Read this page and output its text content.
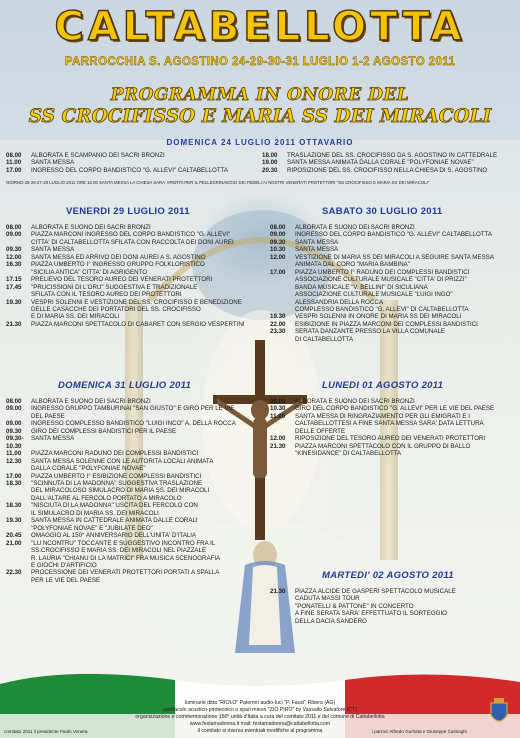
CALTABELLOTTA
PARROCCHIA S. AGOSTINO 24-29-30-31 LUGLIO 1-2 AGOSTO 2011
PROGRAMMA IN ONORE DEL
SS CROCIFISSO E MARIA SS DEI MIRACOLI
DOMENICA 24 LUGLIO 2011 OTTAVARIO
08.00	ALBORATA E SCAMPANIO DEI SACRI BRONZI
11.00	SANTA MESSA
17.00	INGRESSO DEL CORPO BANDISTICO "G. ALLEVI" CALTABELLOTTA
18.00	TRASLAZIONE DEL SS. CROCIFISSO DA S. AGOSTINO IN CATTEDRALE
19.00	SANTA MESSA ANIMATA DALLA CORALE "POLYFONIAE NOVAE"
20.30	RIPOSIZIONE DEL SS. CROCIFISSO NELLA CHIESA DI S. AGOSTINO
GIORNO 25-26-27-28 LUGLIO 2011 ORE 10.00 SANTA MESSA LA CHIESA SARA' APERTA PER IL PELLEGRINAGGIO DEI FEDELI AI NOSTRI VENERATI PROTETTORI "SS CROCIFISSO E MARIA SS DEI MIRACOLI"
VENERDI 29 LUGLIO 2011
08.00	ALBORATA E SUONO DEI SACRI BRONZI
09.00	PIAZZA MARCONI INGRESSO DEL CORPO BANDISTICO "G. ALLEVI"
CITTA' DI CALTABELLOTTA SFILATA CON RACCOLTA DEI DONI AUREI
09.30	SANTA MESSA
12.00	SANTA MESSA ED ARRIVO DEI DONI AUREI A S. AGOSTINO
16.30	PIAZZA UMBERTO I° INGRESSO GRUPPO FOLKLORISTICO
"SICILIA ANTICA" CITTA' DI AGRIGENTO
17.15	PRELIEVO DEL TESORO AUREO DEI VENERATI PROTETTORI
17.45	"PRUCISSIONI DI L'ORU" SUGGESTIVA E TRADIZIONALE
SFILATA CON IL TESORO AUREO DEI PROTETTORI
19.30	VESPRI SOLENNI E VESTIZIONE DEL SS. CROCIFISSO E BENEDIZIONE
DELLE CASACCHE DEI PORTATORI DEL SS. CROCIFISSO
E DI MARIA SS. DEI MIRACOLI
21.30	PIAZZA MARCONI SPETTACOLO DI CABARET CON SERGIO VESPERTINI
SABATO 30 LUGLIO 2011
08.00	ALBORATA E SUONO DEI SACRI BRONZI
09.00	INGRESSO DEL CORPO BANDISTICO "G. ALLEVI" CALTABELLOTTA
09.30	SANTA MESSA
10.30	SANTA MESSA
12.00	VESTIZIONE DI MARIA SS DEI MIRACOLI A SEGUIRE SANTA MESSA
ANIMATA DAL CORO "MARIA BAMBINA"
17.00	PIAZZA UMBERTO I° RADUNO DEI COMPLESSI BANDISTICI
ASSOCIAZIONE CULTURALE MUSICALE "CITTA' DI PRIZZI"
BANDA MUSICALE "V. BELLINI" DI SICULIANA
ASSOCIAZIONE CULTURALE MUSICALE "LUIGI INGO"
ALESSANDRIA DELLA ROCCA
COMPLESSO BANDISTICO "G. ALLEVI" DI CALTABELLOTTA
19.30	VESPRI SOLENNI IN ONORE DI MARIA SS DEI MIRACOLI
22.00	ESIBIZIONE IN PIAZZA MARCONI DEI COMPLESSI BANDISTICI
23.30	SERATA DANZANTE PRESSO LA VILLA COMUNALE
DI CALTABELLOTTA
DOMENICA 31 LUGLIO 2011
08.00	ALBORATA E SUONO DEI SACRI BRONZI
09.00	INGRESSO GRUPPO TAMBURINAI "SAN GIUSTO" E GIRO PER LE VIE
DEL PAESE
09.00	INGRESSO COMPLESSO BANDISTICO "LUIGI INCO" A. DELLA ROCCA
09.30	GIRO DEI COMPLESSI BANDISTICI PER IL PAESE
09.30-10.30
SANTA MESSA
11.00	PIAZZA MARCONI RADUNO DEI COMPLESSI BANDISTICI
12.30	SANTA MESSA SOLENNE CON LE AUTORITA LOCALI ANIMATA
DALLA CORALE "POLYFONIAE NOVAE"
17.00	PIAZZA UMBERTO I° ESIBIZIONE COMPLESSI BANDISTICI
18.30	"SCINNUTA DI LA MADONNA" SUGGESTIVA TRASLAZIONE
DEL MIRACOLOSO SIMULACRO DI MARIA SS. DEI MIRACOLI
DALL'ALTARE AL FERCOLO PORTATO A MIRACOLO
18.30	"NISCIUTA DI LA MADONNA" USCITA DEL FERCOLO CON
IL SIMULACRO DI MARIA SS. DEI MIRACOLI
19.30	SANTA MESSA IN CATTEDRALE ANIMATA DALLE CORALI
"POLYFONIAE NOVAE" E "JUBILATE DEO"
20.45	OMAGGIO AL 150° ANNIVERSARIO DELL'UNITA' D'ITALIA
21.00	"LU NCONTRU" TOCCANTE E SUGGESTIVO INCONTRO FRA IL
SS.CROCIFISSO E MARIA SS. DEI MIRACOLI NEL PIAZZALE
R. LAURIA "CHIANU DI LA MATRICI" FRA MUSICA SCENOGRAFIA
E GIOCHI D'ARTIFICIO
22.30	PROCESSIONE DEI VENERATI PROTETTORI PORTATI A SPALLA
PER LE VIE DEL PAESE
LUNEDI 01 AGOSTO 2011
08.00	ALBORATA E SUONO DEI SACRI BRONZI
10.30	GIRO DEL CORPO BANDISTICO "G. ALLEVI" PER LE VIE DEL PAESE
11.00	SANTA MESSA DI RINGRAZIAMENTO PER GLI EMIGRATI E I
CALTABELLOTTESI A FINE SANTA MESSA SARA' DATA LETTURA
DELLE OFFERTE
12.00	RIPOSIZIONE DEL TESORO AUREO DEI VENERATI PROTETTORI
21.30	PIAZZA MARCONI SPETTACOLO CON IL GRUPPO DI BALLO
"KINESIDANCE" DI CALTABELLOTTA
MARTEDI' 02 AGOSTO 2011
21.30	PIAZZA ALCIDE DE GASPERI SPETTACOLO MUSICALE
CADUTA MASSI TOUR
"PONATELLI & PATTONE" IN CONCERTO
A FINE SERATA SARA' EFFETTUATO IL SORTEGGIO
DELLA DACIA SANDERO
luminarie ditta "RIOLO" Palermo audio-luci "P. Fauci" Ribera (AG)
spettacolo acustico-pirotecnico e spari minori "ZIO PIRO" by Vassallo Salvatore (CT)
organizzazione e commemorazione 150° unità d'Italia a cura del comitato 2011 e del comune di Caltabellotta
www.festamadonna.it mail: festamadonna@caltabellotta.com
il comitato si riserva eventuali modifiche al programma
comitato 2011 il presidente Paolo Venera	i parroci Alfredo Gurlotta e Giuseppe Casiraghi
